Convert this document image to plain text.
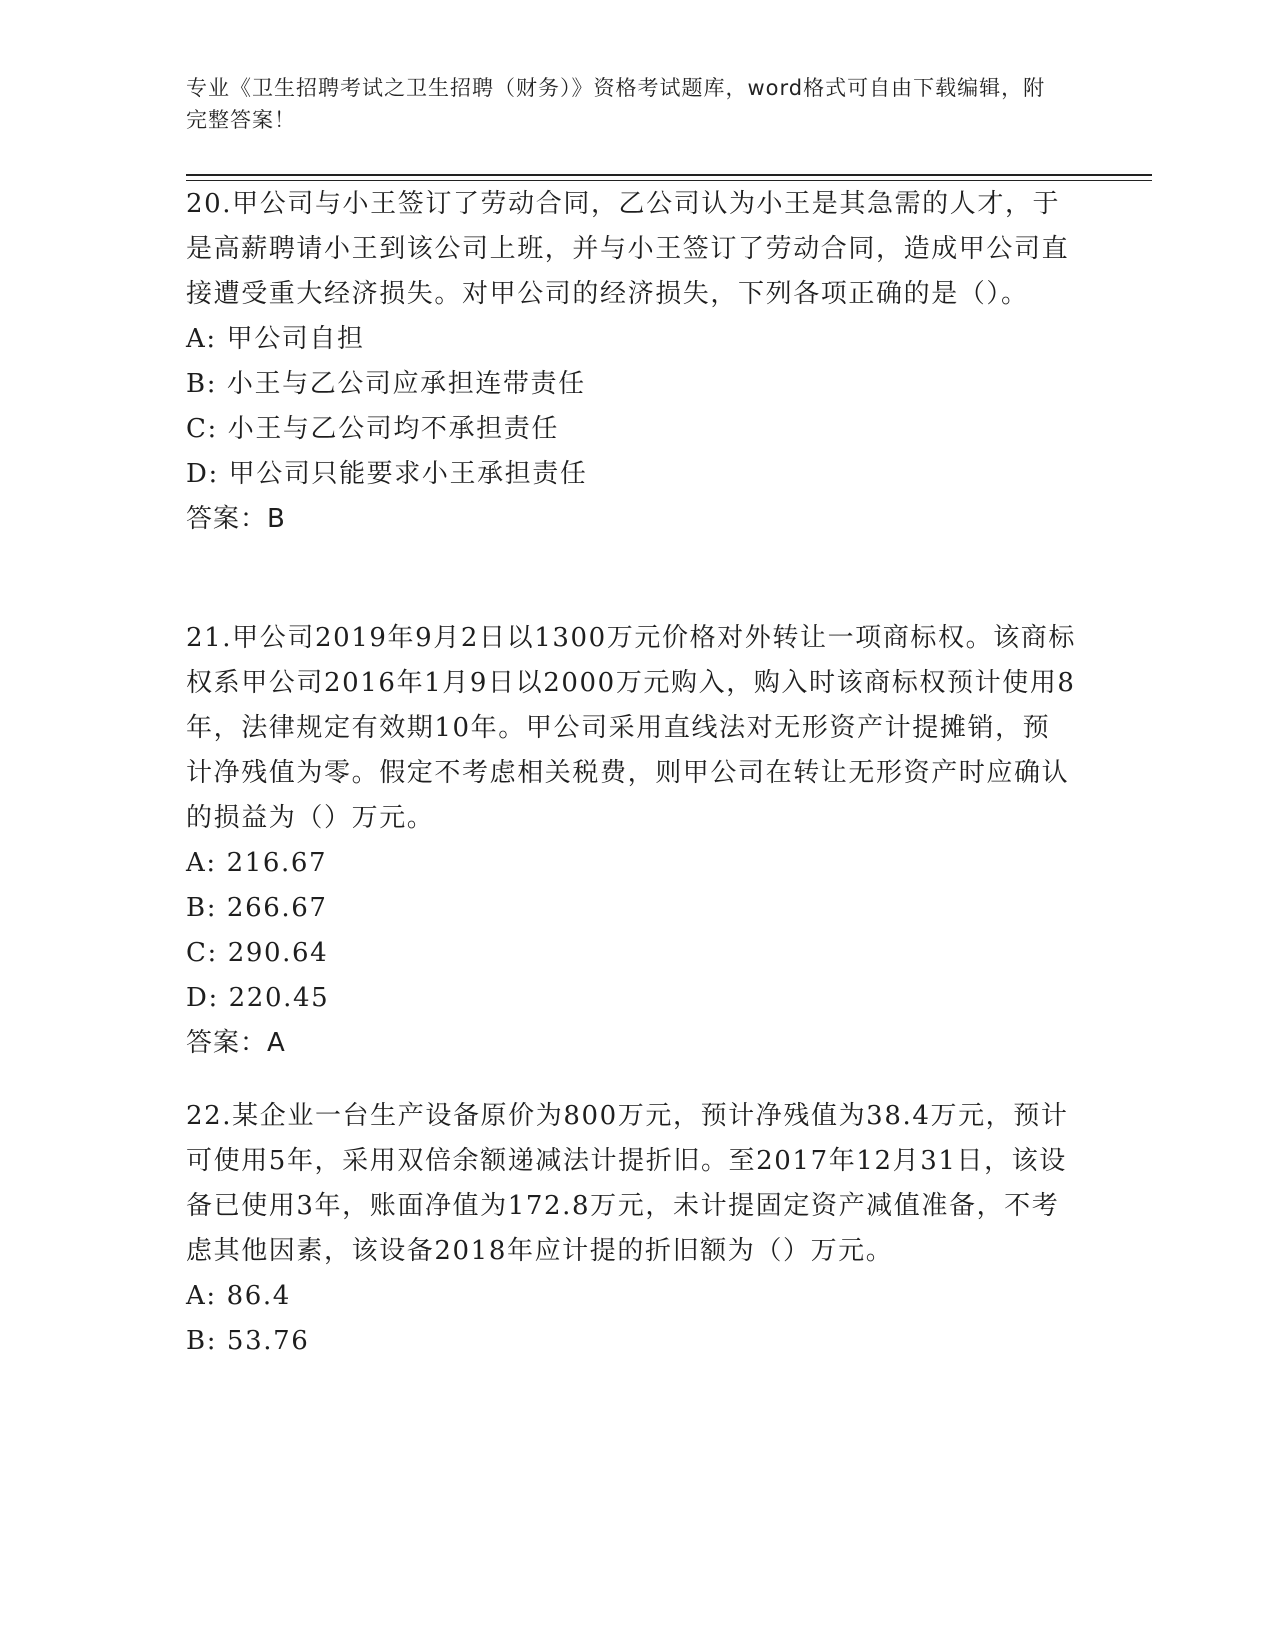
专业《卫生招聘考试之卫生招聘（财务）》资格考试题库，word格式可自由下载编辑，附完整答案！

20.甲公司与小王签订了劳动合同，乙公司认为小王是其急需的人才，于是高薪聘请小王到该公司上班，并与小王签订了劳动合同，造成甲公司直接遭受重大经济损失。对甲公司的经济损失，下列各项正确的是（）。

A: 甲公司自担

B: 小王与乙公司应承担连带责任

C: 小王与乙公司均不承担责任

D: 甲公司只能要求小王承担责任

答案：B

21.甲公司2019年9月2日以1300万元价格对外转让一项商标权。该商标权系甲公司2016年1月9日以2000万元购入，购入时该商标权预计使用8年，法律规定有效期10年。甲公司采用直线法对无形资产计提摊销，预计净残值为零。假定不考虑相关税费，则甲公司在转让无形资产时应确认的损益为（）万元。

A: 216.67

B: 266.67

C: 290.64

D: 220.45

答案：A

22.某企业一台生产设备原价为800万元，预计净残值为38.4万元，预计可使用5年，采用双倍余额递减法计提折旧。至2017年12月31日，该设备已使用3年，账面净值为172.8万元，未计提固定资产减值准备，不考虑其他因素，该设备2018年应计提的折旧额为（）万元。

A: 86.4

B: 53.76
